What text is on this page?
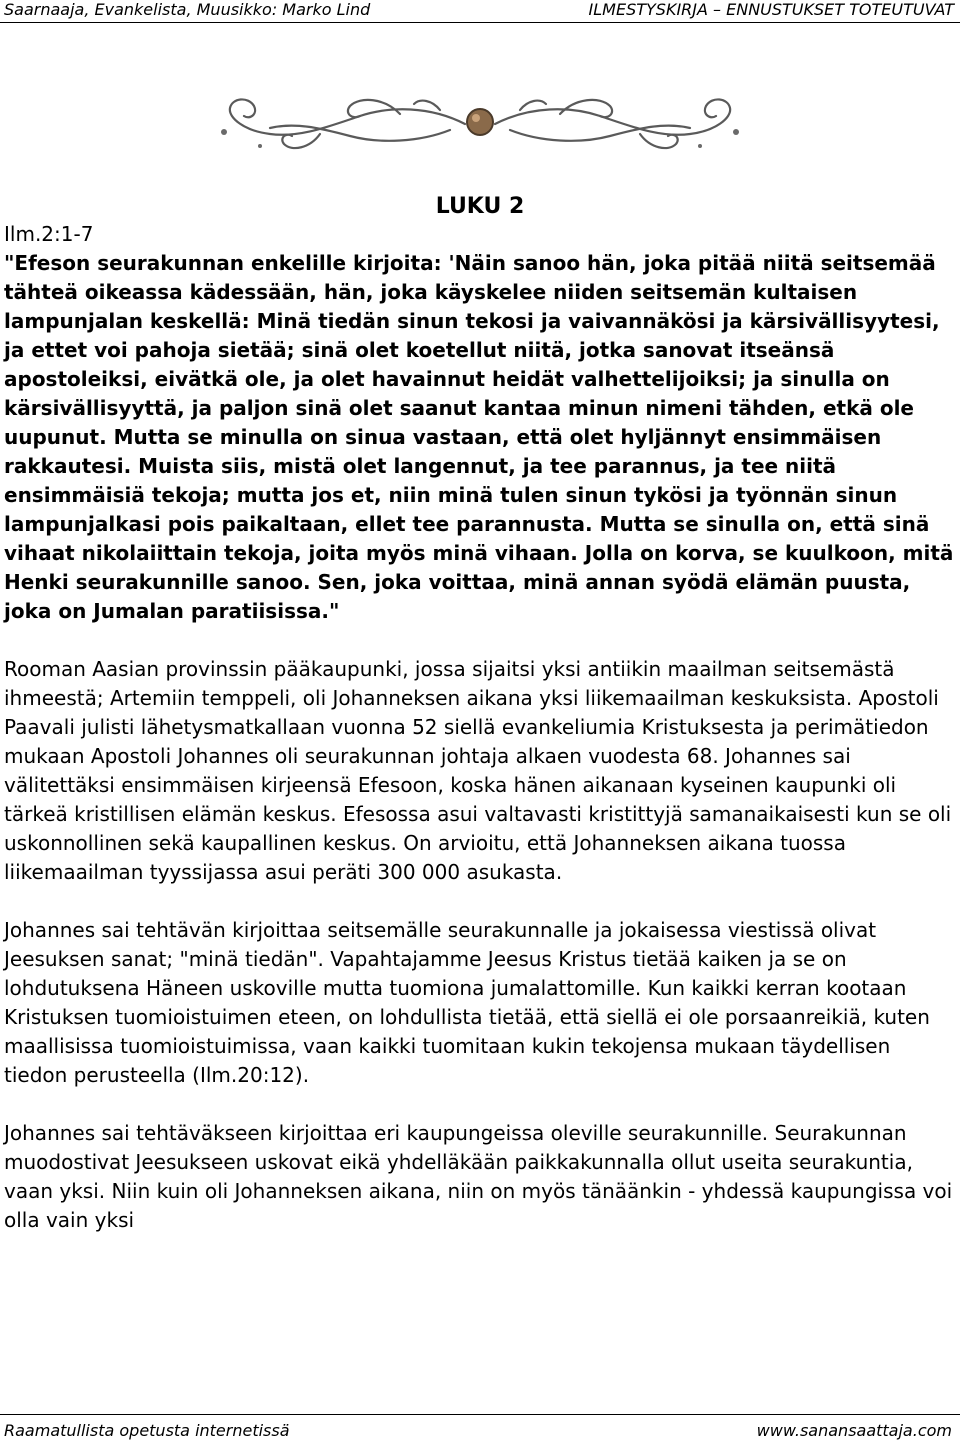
Saarnaaja, Evankelista, Muusikko: Marko Lind	ILMESTYSKIRJA – ENNUSTUKSET TOTEUTUVAT
LUKU 2

Ilm.2:1-7

"Efeson seurakunnan enkelille kirjoita: 'Näin sanoo hän, joka pitää niitä seitsemää tähteä oikeassa kädessään, hän, joka käyskelee niiden seitsemän kultaisen lampunjalan keskellä: Minä tiedän sinun tekosi ja vaivannäkösi ja kärsivällisyytesi, ja ettet voi pahoja sietää; sinä olet koetellut niitä, jotka sanovat itseänsä apostoleiksi, eivätkä ole, ja olet havainnut heidät valhettelijoiksi; ja sinulla on kärsivällisyyttä, ja paljon sinä olet saanut kantaa minun nimeni tähden, etkä ole uupunut. Mutta se minulla on sinua vastaan, että olet hyljännyt ensimmäisen rakkautesi. Muista siis, mistä olet langennut, ja tee parannus, ja tee niitä ensimmäisiä tekoja; mutta jos et, niin minä tulen sinun tykösi ja työnnän sinun lampunjalkasi pois paikaltaan, ellet tee parannusta. Mutta se sinulla on, että sinä vihaat nikolaiittain tekoja, joita myös minä vihaan. Jolla on korva, se kuulkoon, mitä Henki seurakunnille sanoo. Sen, joka voittaa, minä annan syödä elämän puusta, joka on Jumalan paratiisissa."

Rooman Aasian provinssin pääkaupunki, jossa sijaitsi yksi antiikin maailman seitsemästä ihmeestä; Artemiin temppeli, oli Johanneksen aikana yksi liikemaailman keskuksista. Apostoli Paavali julisti lähetysmatkallaan vuonna 52 siellä evankeliumia Kristuksesta ja perimätiedon mukaan Apostoli Johannes oli seurakunnan johtaja alkaen vuodesta 68. Johannes sai välitettäksi ensimmäisen kirjeensä Efesoon, koska hänen aikanaan kyseinen kaupunki oli tärkeä kristillisen elämän keskus. Efesossa asui valtavasti kristittyjä samanaikaisesti kun se oli uskonnollinen sekä kaupallinen keskus. On arvioitu, että Johanneksen aikana tuossa liikemaailman tyyssijassa asui peräti 300 000 asukasta.

Johannes sai tehtävän kirjoittaa seitsemälle seurakunnalle ja jokaisessa viestissä olivat Jeesuksen sanat; "minä tiedän". Vapahtajamme Jeesus Kristus tietää kaiken ja se on lohdutuksena Häneen uskoville mutta tuomiona jumalattomille. Kun kaikki kerran kootaan Kristuksen tuomioistuimen eteen, on lohdullista tietää, että siellä ei ole porsaanreikiä, kuten maallisissa tuomioistuimissa, vaan kaikki tuomitaan kukin tekojensa mukaan täydellisen tiedon perusteella (Ilm.20:12).

Johannes sai tehtäväkseen kirjoittaa eri kaupungeissa oleville seurakunnille. Seurakunnan muodostivat Jeesukseen uskovat eikä yhdelläkään paikkakunnalla ollut useita seurakuntia, vaan yksi. Niin kuin oli Johanneksen aikana, niin on myös tänäänkin - yhdessä kaupungissa voi olla vain yksi

Raamatullista opetusta internetissä	www.sanansaattaja.com
